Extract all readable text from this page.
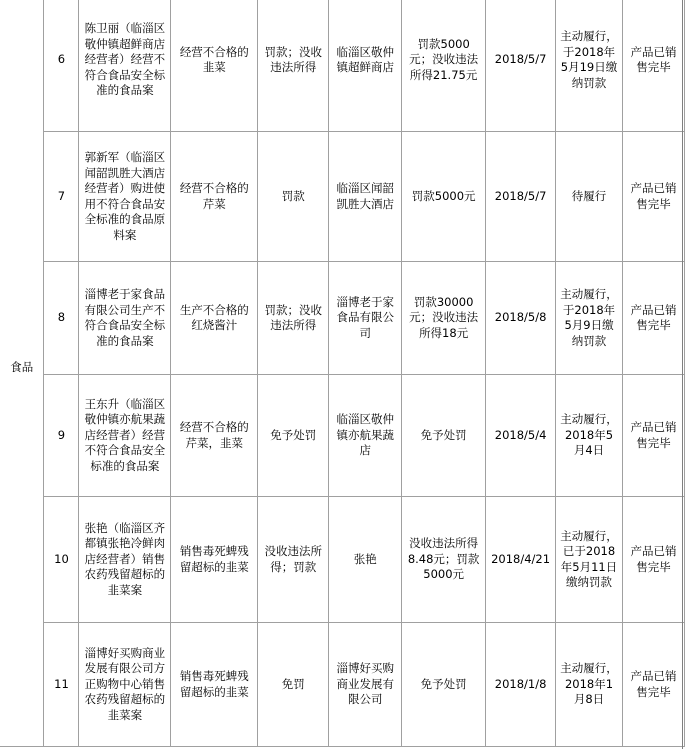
食品	6	陈卫丽（临淄区敬仲镇超鲜商店经营者）经营不符合食品安全标准的食品案	经营不合格的韭菜	罚款；没收违法所得	临淄区敬仲镇超鲜商店	罚款5000元；没收违法所得21.75元	2018/5/7	主动履行，于2018年5月19日缴纳罚款	产品已销售完毕
	7	郭新军（临淄区闻韶凯胜大酒店经营者）购进使用不符合食品安全标准的食品原料案	经营不合格的芹菜	罚款	临淄区闻韶凯胜大酒店	罚款5000元	2018/5/7	待履行	产品已销售完毕
	8	淄博老于家食品有限公司生产不符合食品安全标准的食品案	生产不合格的红烧酱汁	罚款；没收违法所得	淄博老于家食品有限公司	罚款30000元；没收违法所得18元	2018/5/8	主动履行，于2018年5月9日缴纳罚款	产品已销售完毕
	9	王东升（临淄区敬仲镇亦航果蔬店经营者）经营不符合食品安全标准的食品案	经营不合格的芹菜，韭菜	免予处罚	临淄区敬仲镇亦航果蔬店	免予处罚	2018/5/4	主动履行，2018年5月4日	产品已销售完毕
	10	张艳（临淄区齐都镇张艳冷鲜肉店经营者）销售农药残留超标的韭菜案	销售毒死蜱残留超标的韭菜	没收违法所得；罚款	张艳	没收违法所得8.48元；罚款5000元	2018/4/21	主动履行，已于2018年5月11日缴纳罚款	产品已销售完毕
	11	淄博好买购商业发展有限公司方正购物中心销售农药残留超标的韭菜案	销售毒死蜱残留超标的韭菜	免罚	淄博好买购商业发展有限公司	免予处罚	2018/1/8	主动履行，2018年1月8日	产品已销售完毕
